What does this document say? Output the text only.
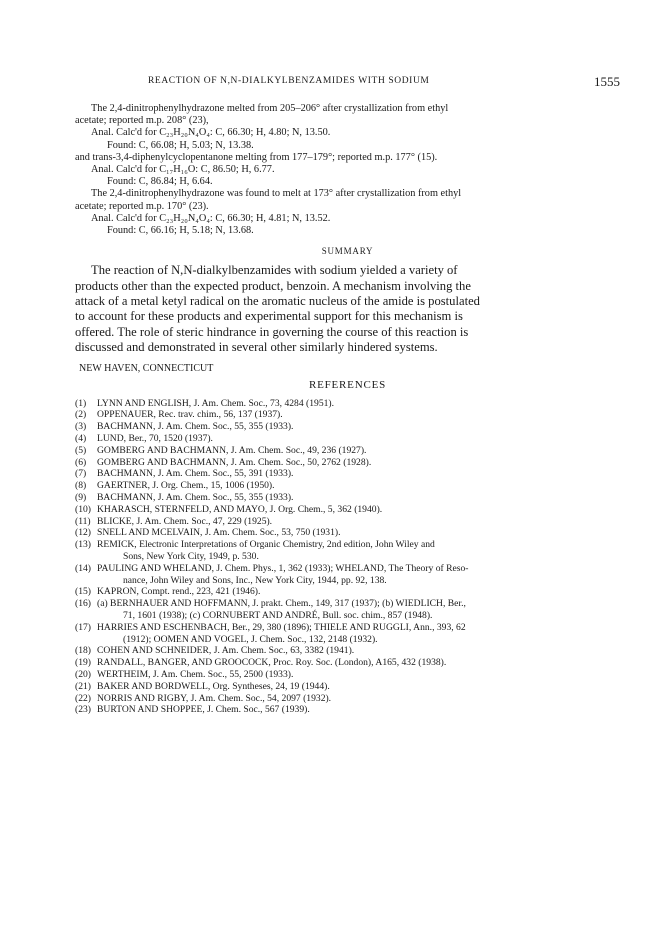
REACTION OF N,N-DIALKYLBENZAMIDES WITH SODIUM	1555

The 2,4-dinitrophenylhydrazone melted from 205–206° after crystallization from ethyl

acetate; reported m.p. 208° (23),

Anal. Calc'd for C₂₃H₂₀N₄O₄: C, 66.30; H, 4.80; N, 13.50.

Found: C, 66.08; H, 5.03; N, 13.38.

and trans-3,4-diphenylcyclopentanone melting from 177–179°; reported m.p. 177° (15).

Anal. Calc'd for C₁₇H₁₆O: C, 86.50; H, 6.77.

Found: C, 86.84; H, 6.64.

The 2,4-dinitrophenylhydrazone was found to melt at 173° after crystallization from ethyl

acetate; reported m.p. 170° (23).

Anal. Calc'd for C₂₃H₂₀N₄O₄: C, 66.30; H, 4.81; N, 13.52.

Found: C, 66.16; H, 5.18; N, 13.68.

SUMMARY

The reaction of N,N-dialkylbenzamides with sodium yielded a variety of

products other than the expected product, benzoin. A mechanism involving the

attack of a metal ketyl radical on the aromatic nucleus of the amide is postulated

to account for these products and experimental support for this mechanism is

offered. The role of steric hindrance in governing the course of this reaction is

discussed and demonstrated in several other similarly hindered systems.

NEW HAVEN, CONNECTICUT

REFERENCES

(1)	LYNN AND ENGLISH, J. Am. Chem. Soc., 73, 4284 (1951).
(2)	OPPENAUER, Rec. trav. chim., 56, 137 (1937).
(3)	BACHMANN, J. Am. Chem. Soc., 55, 355 (1933).
(4)	LUND, Ber., 70, 1520 (1937).
(5)	GOMBERG AND BACHMANN, J. Am. Chem. Soc., 49, 236 (1927).
(6)	GOMBERG AND BACHMANN, J. Am. Chem. Soc., 50, 2762 (1928).
(7)	BACHMANN, J. Am. Chem. Soc., 55, 391 (1933).
(8)	GAERTNER, J. Org. Chem., 15, 1006 (1950).
(9)	BACHMANN, J. Am. Chem. Soc., 55, 355 (1933).
(10) KHARASCH, STERNFELD, AND MAYO, J. Org. Chem., 5, 362 (1940).
(11) BLICKE, J. Am. Chem. Soc., 47, 229 (1925).
(12) SNELL AND MCELVAIN, J. Am. Chem. Soc., 53, 750 (1931).
(13) REMICK, Electronic Interpretations of Organic Chemistry, 2nd edition, John Wiley and
Sons, New York City, 1949, p. 530.
(14) PAULING AND WHELAND, J. Chem. Phys., 1, 362 (1933); WHELAND, The Theory of Reso-
nance, John Wiley and Sons, Inc., New York City, 1944, pp. 92, 138.
(15) KAPRON, Compt. rend., 223, 421 (1946).
(16) (a) BERNHAUER AND HOFFMANN, J. prakt. Chem., 149, 317 (1937); (b) WIEDLICH, Ber.,
71, 1601 (1938); (c) CORNUBERT AND ANDRÉ, Bull. soc. chim., 857 (1948).
(17) HARRIES AND ESCHENBACH, Ber., 29, 380 (1896); THIELE AND RUGGLI, Ann., 393, 62
(1912); OOMEN AND VOGEL, J. Chem. Soc., 132, 2148 (1932).
(18) COHEN AND SCHNEIDER, J. Am. Chem. Soc., 63, 3382 (1941).
(19) RANDALL, BANGER, AND GROOCOCK, Proc. Roy. Soc. (London), A165, 432 (1938).
(20) WERTHEIM, J. Am. Chem. Soc., 55, 2500 (1933).
(21) BAKER AND BORDWELL, Org. Syntheses, 24, 19 (1944).
(22) NORRIS AND RIGBY, J. Am. Chem. Soc., 54, 2097 (1932).
(23) BURTON AND SHOPPEE, J. Chem. Soc., 567 (1939).
